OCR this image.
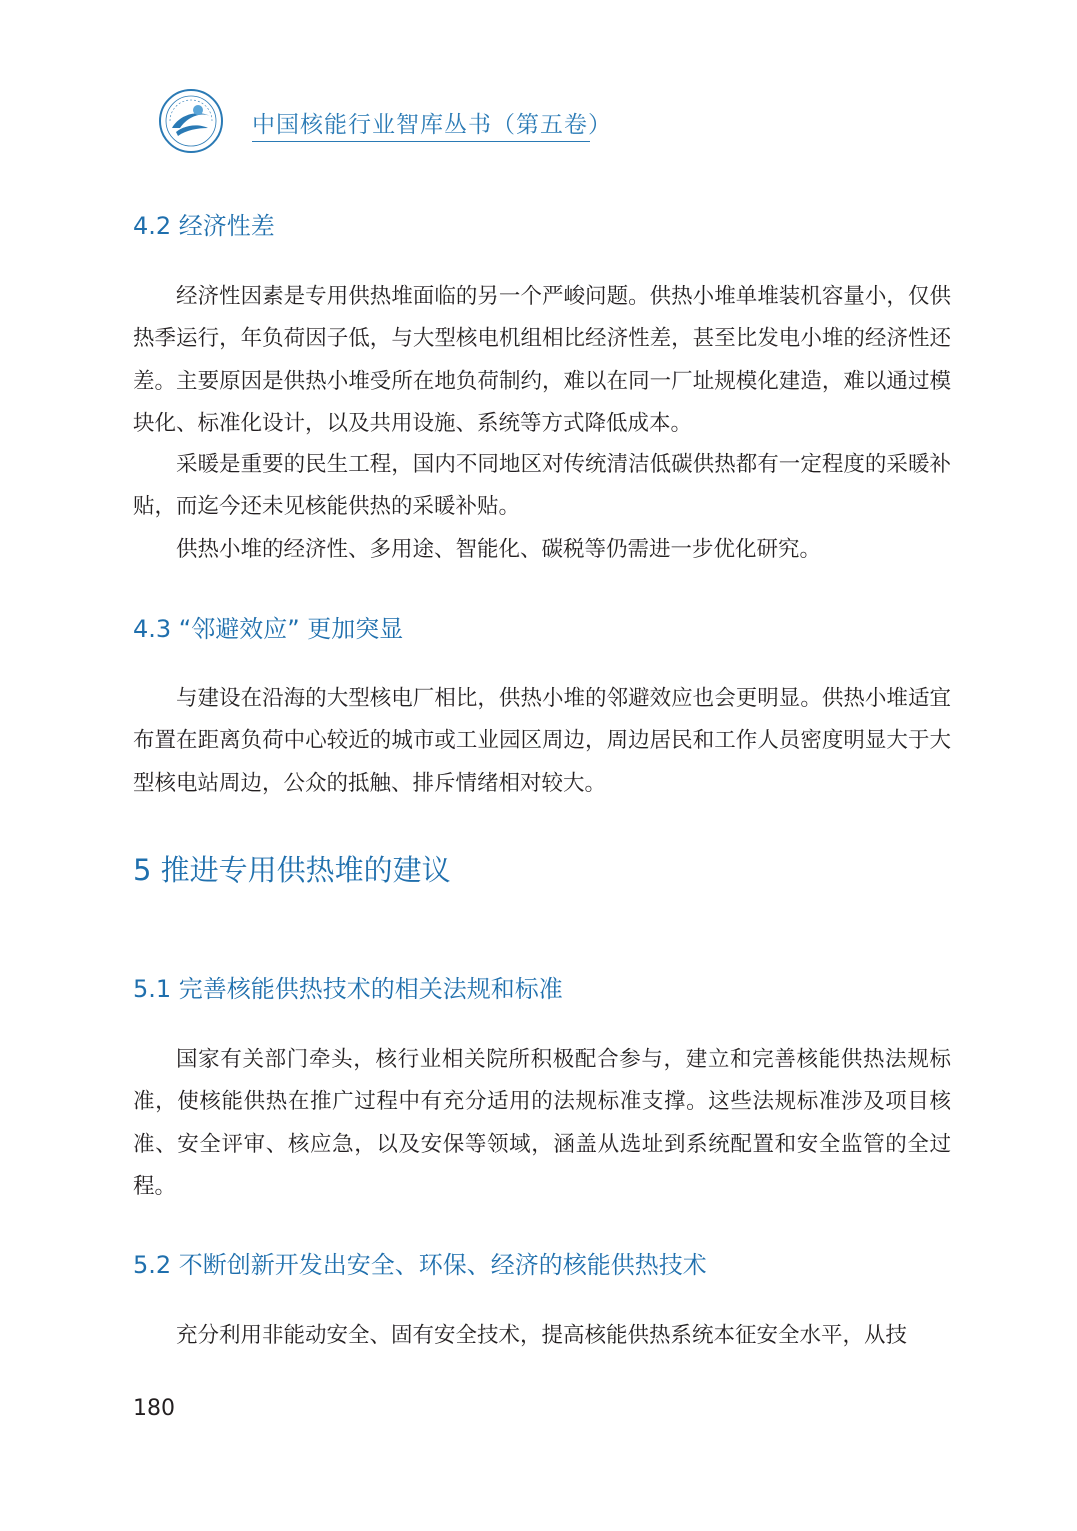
中国核能行业智库丛书（第五卷）
4.2 经济性差

经济性因素是专用供热堆面临的另一个严峻问题。供热小堆单堆装机容量小，仅供热季运行，年负荷因子低，与大型核电机组相比经济性差，甚至比发电小堆的经济性还差。主要原因是供热小堆受所在地负荷制约，难以在同一厂址规模化建造，难以通过模块化、标准化设计，以及共用设施、系统等方式降低成本。

采暖是重要的民生工程，国内不同地区对传统清洁低碳供热都有一定程度的采暖补贴，而迄今还未见核能供热的采暖补贴。

供热小堆的经济性、多用途、智能化、碳税等仍需进一步优化研究。

4.3 “邻避效应” 更加突显

与建设在沿海的大型核电厂相比，供热小堆的邻避效应也会更明显。供热小堆适宜布置在距离负荷中心较近的城市或工业园区周边，周边居民和工作人员密度明显大于大型核电站周边，公众的抵触、排斥情绪相对较大。

5 推进专用供热堆的建议
5.1 完善核能供热技术的相关法规和标准

国家有关部门牵头，核行业相关院所积极配合参与，建立和完善核能供热法规标准，使核能供热在推广过程中有充分适用的法规标准支撑。这些法规标准涉及项目核准、安全评审、核应急，以及安保等领域，涵盖从选址到系统配置和安全监管的全过程。

5.2 不断创新开发出安全、环保、经济的核能供热技术

充分利用非能动安全、固有安全技术，提高核能供热系统本征安全水平，从技

180
